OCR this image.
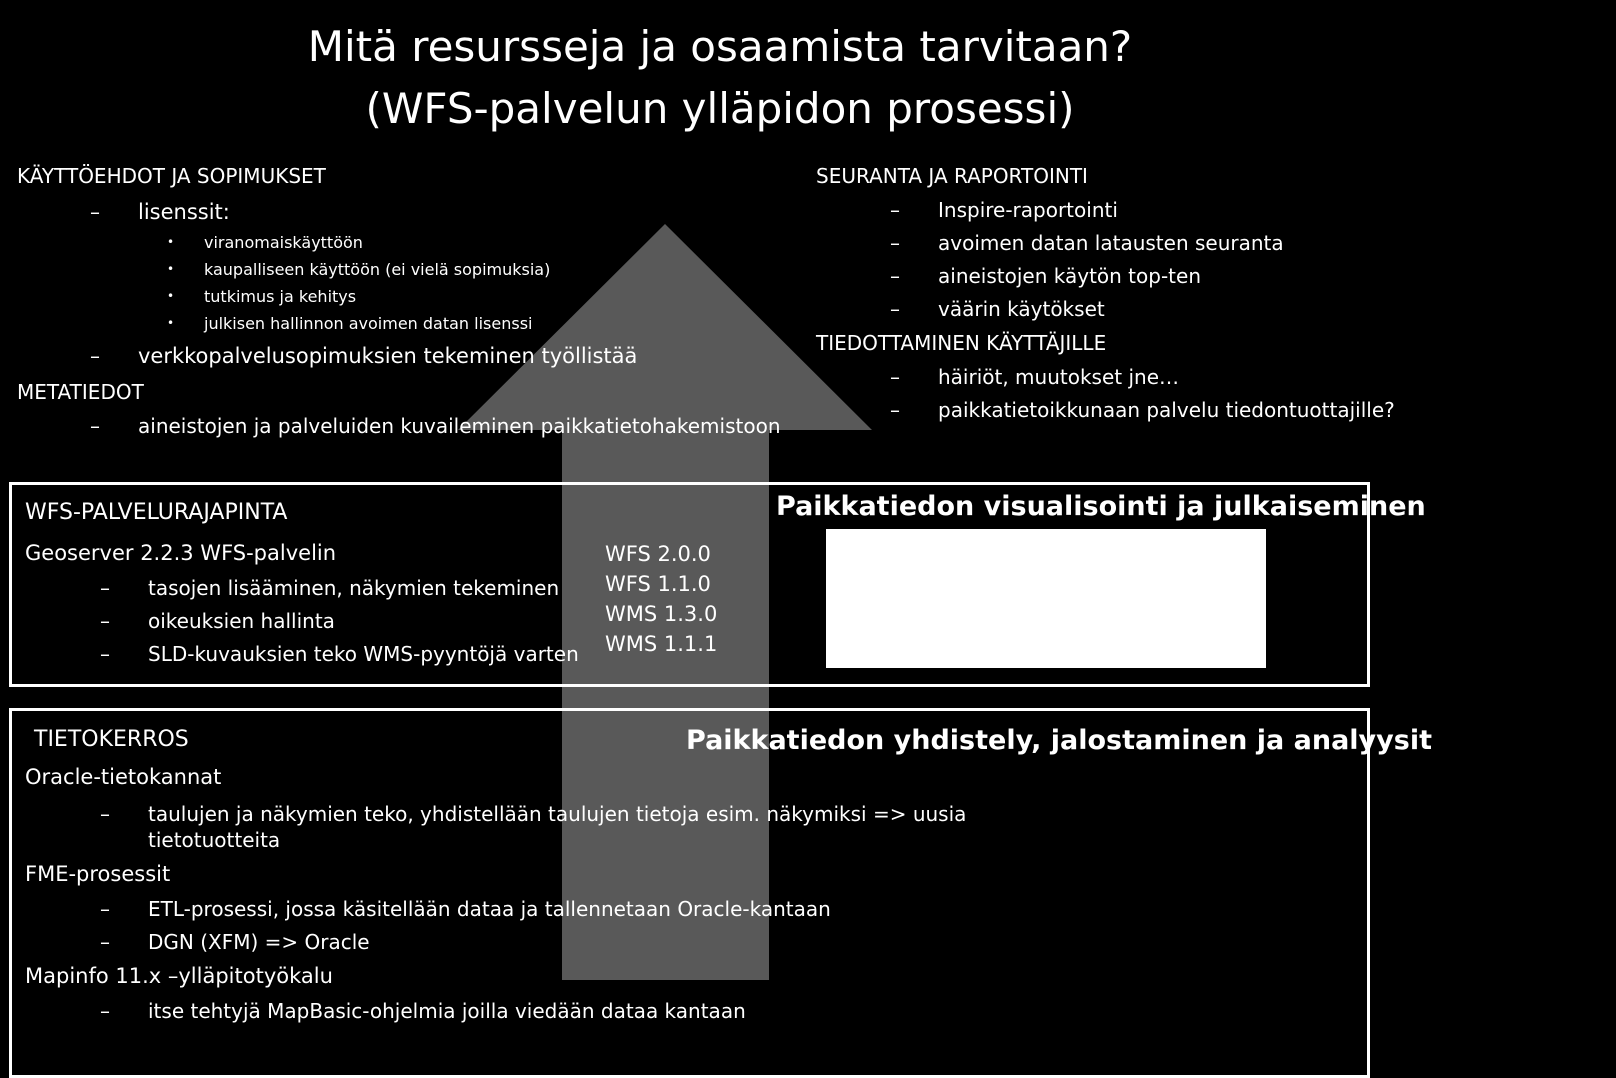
Mitä resursseja ja osaamista tarvitaan?
(WFS-palvelun ylläpidon prosessi)
KÄYTTÖEHDOT JA SOPIMUKSET
– lisenssit:
• viranomaiskäyttöön
• kaupalliseen käyttöön (ei vielä sopimuksia)
• tutkimus ja kehitys
• julkisen hallinnon avoimen datan lisenssi
– verkkopalvelusopimuksien tekeminen työllistää
METATIEDOT
– aineistojen ja palveluiden kuvaileminen paikkatietohakemistoon
SEURANTA JA RAPORTOINTI
– Inspire-raportointi
– avoimen datan latausten seuranta
– aineistojen käytön top-ten
– väärin käytökset
TIEDOTTAMINEN KÄYTTÄJILLE
– häiriöt, muutokset jne…
– paikkatietoikkunaan palvelu tiedontuottajille?
WFS-PALVELURAJAPINTA
Geoserver 2.2.3 WFS-palvelin
– tasojen lisääminen, näkymien tekeminen
– oikeuksien hallinta
– SLD-kuvauksien teko WMS-pyyntöjä varten
WFS 2.0.0
WFS 1.1.0
WMS 1.3.0
WMS 1.1.1
Paikkatiedon visualisointi ja julkaiseminen
TIETOKERROS	Paikkatiedon yhdistely, jalostaminen ja analyysit
Oracle-tietokannat
– taulujen ja näkymien teko, yhdistellään taulujen tietoja esim. näkymiksi => uusia
tietotuotteita
FME-prosessit
– ETL-prosessi, jossa käsitellään dataa ja tallennetaan Oracle-kantaan
– DGN (XFM) => Oracle
Mapinfo 11.x –ylläpitotyökalu
– itse tehtyjä MapBasic-ohjelmia joilla viedään dataa kantaan
